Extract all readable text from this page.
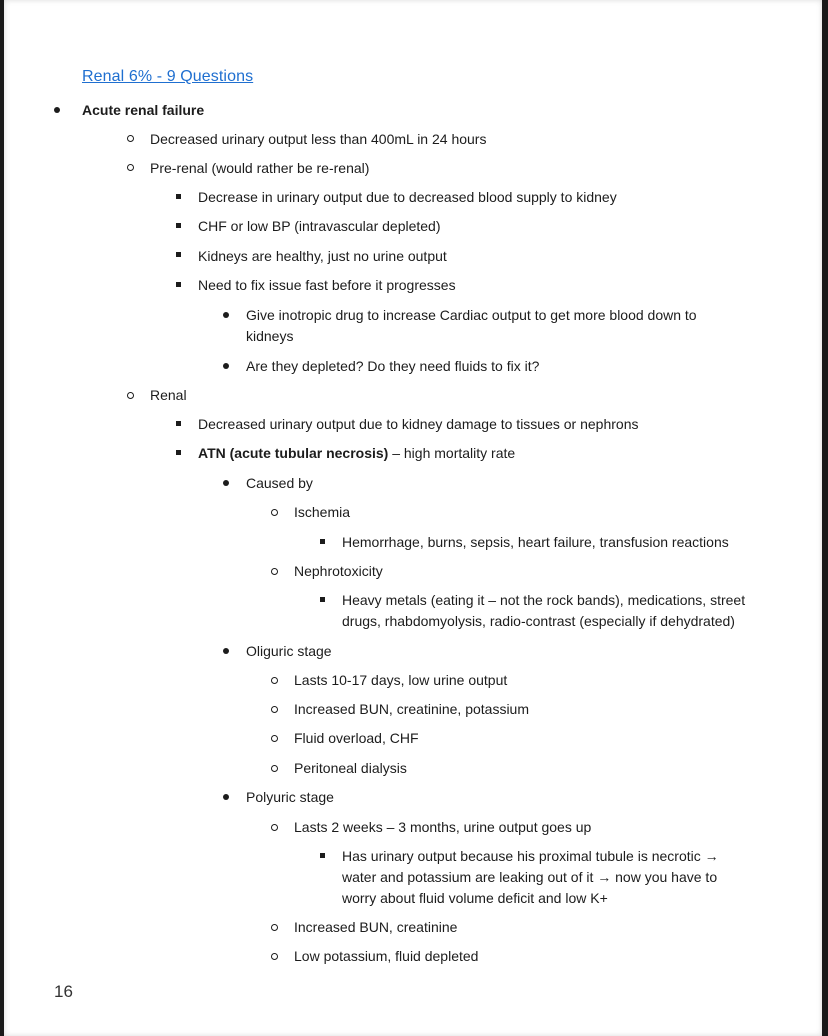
Renal 6% - 9 Questions
Acute renal failure
Decreased urinary output less than 400mL in 24 hours
Pre-renal (would rather be re-renal)
Decrease in urinary output due to decreased blood supply to kidney
CHF or low BP (intravascular depleted)
Kidneys are healthy, just no urine output
Need to fix issue fast before it progresses
Give inotropic drug to increase Cardiac output to get more blood down to
kidneys
Are they depleted? Do they need fluids to fix it?
Renal
Decreased urinary output due to kidney damage to tissues or nephrons
ATN (acute tubular necrosis) – high mortality rate
Caused by
Ischemia
Hemorrhage, burns, sepsis, heart failure, transfusion reactions
Nephrotoxicity
Heavy metals (eating it – not the rock bands), medications, street
drugs, rhabdomyolysis, radio-contrast (especially if dehydrated)
Oliguric stage
Lasts 10-17 days, low urine output
Increased BUN, creatinine, potassium
Fluid overload, CHF
Peritoneal dialysis
Polyuric stage
Lasts 2 weeks – 3 months, urine output goes up
Has urinary output because his proximal tubule is necrotic →
water and potassium are leaking out of it → now you have to
worry about fluid volume deficit and low K+
Increased BUN, creatinine
Low potassium, fluid depleted
16
